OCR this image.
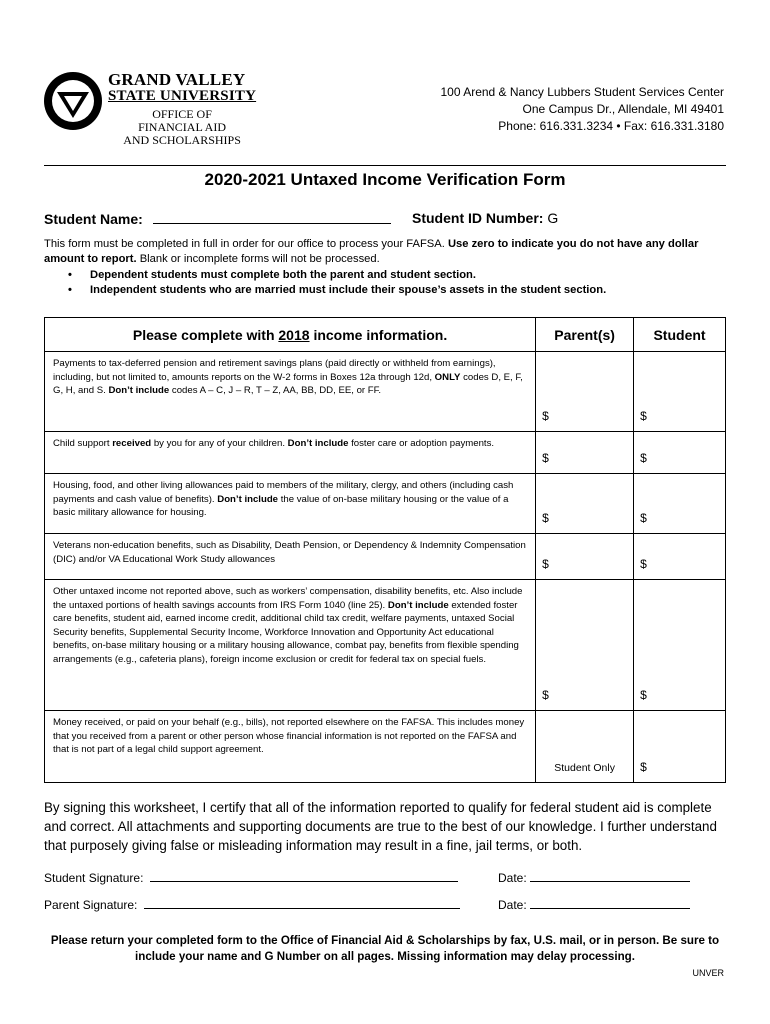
GRAND VALLEY
STATE UNIVERSITY
OFFICE OF
FINANCIAL AID
AND SCHOLARSHIPS
100 Arend & Nancy Lubbers Student Services Center
One Campus Dr., Allendale, MI 49401
Phone: 616.331.3234 • Fax: 616.331.3180
2020-2021 Untaxed Income Verification Form
Student Name:	Student ID Number: G
This form must be completed in full in order for our office to process your FAFSA. Use zero to indicate you do not have any dollar amount to report. Blank or incomplete forms will not be processed.
• Dependent students must complete both the parent and student section.
• Independent students who are married must include their spouse’s assets in the student section.
Please complete with 2018 income information.	Parent(s)	Student
Payments to tax-deferred pension and retirement savings plans (paid directly or withheld from earnings), including, but not limited to, amounts reports on the W-2 forms in Boxes 12a through 12d, ONLY codes D, E, F, G, H, and S. Don’t include codes A – C, J – R, T – Z, AA, BB, DD, EE, or FF.	$	$
Child support received by you for any of your children. Don’t include foster care or adoption payments.	$	$
Housing, food, and other living allowances paid to members of the military, clergy, and others (including cash payments and cash value of benefits). Don’t include the value of on-base military housing or the value of a basic military allowance for housing.	$	$
Veterans non-education benefits, such as Disability, Death Pension, or Dependency & Indemnity Compensation (DIC) and/or VA Educational Work Study allowances	$	$
Other untaxed income not reported above, such as workers’ compensation, disability benefits, etc. Also include the untaxed portions of health savings accounts from IRS Form 1040 (line 25). Don’t include extended foster care benefits, student aid, earned income credit, additional child tax credit, welfare payments, untaxed Social Security benefits, Supplemental Security Income, Workforce Innovation and Opportunity Act educational benefits, on-base military housing or a military housing allowance, combat pay, benefits from flexible spending arrangements (e.g., cafeteria plans), foreign income exclusion or credit for federal tax on special fuels.	$	$
Money received, or paid on your behalf (e.g., bills), not reported elsewhere on the FAFSA. This includes money that you received from a parent or other person whose financial information is not reported on the FAFSA and that is not part of a legal child support agreement.	Student Only	$
By signing this worksheet, I certify that all of the information reported to qualify for federal student aid is complete and correct. All attachments and supporting documents are true to the best of our knowledge. I further understand that purposely giving false or misleading information may result in a fine, jail terms, or both.
Student Signature:	Date:
Parent Signature:	Date:
Please return your completed form to the Office of Financial Aid & Scholarships by fax, U.S. mail, or in person. Be sure to include your name and G Number on all pages. Missing information may delay processing.
UNVER
